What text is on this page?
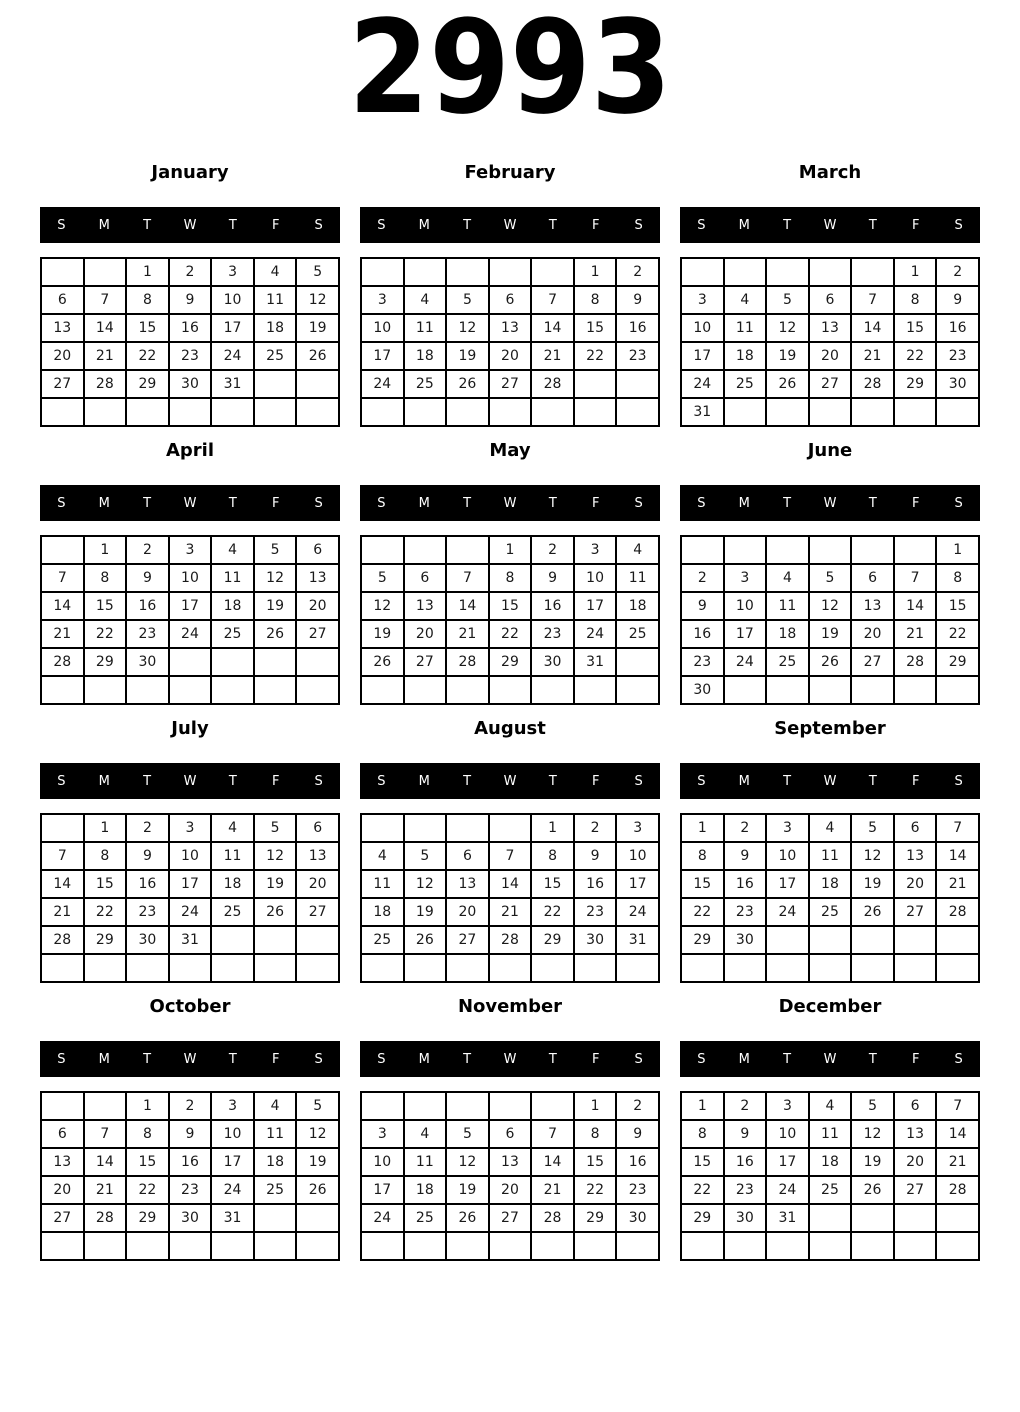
2993
January
S	M	T	W	T	F	S
		1	2	3	4	5
6	7	8	9	10	11	12
13	14	15	16	17	18	19
20	21	22	23	24	25	26
27	28	29	30	31		

February
S	M	T	W	T	F	S
					1	2
3	4	5	6	7	8	9
10	11	12	13	14	15	16
17	18	19	20	21	22	23
24	25	26	27	28		

March
S	M	T	W	T	F	S
					1	2
3	4	5	6	7	8	9
10	11	12	13	14	15	16
17	18	19	20	21	22	23
24	25	26	27	28	29	30
31						
April
S	M	T	W	T	F	S
	1	2	3	4	5	6
7	8	9	10	11	12	13
14	15	16	17	18	19	20
21	22	23	24	25	26	27
28	29	30				

May
S	M	T	W	T	F	S
			1	2	3	4
5	6	7	8	9	10	11
12	13	14	15	16	17	18
19	20	21	22	23	24	25
26	27	28	29	30	31	

June
S	M	T	W	T	F	S
						1
2	3	4	5	6	7	8
9	10	11	12	13	14	15
16	17	18	19	20	21	22
23	24	25	26	27	28	29
30						
July
S	M	T	W	T	F	S
	1	2	3	4	5	6
7	8	9	10	11	12	13
14	15	16	17	18	19	20
21	22	23	24	25	26	27
28	29	30	31			

August
S	M	T	W	T	F	S
				1	2	3
4	5	6	7	8	9	10
11	12	13	14	15	16	17
18	19	20	21	22	23	24
25	26	27	28	29	30	31

September
S	M	T	W	T	F	S
1	2	3	4	5	6	7
8	9	10	11	12	13	14
15	16	17	18	19	20	21
22	23	24	25	26	27	28
29	30					

October
S	M	T	W	T	F	S
		1	2	3	4	5
6	7	8	9	10	11	12
13	14	15	16	17	18	19
20	21	22	23	24	25	26
27	28	29	30	31		

November
S	M	T	W	T	F	S
					1	2
3	4	5	6	7	8	9
10	11	12	13	14	15	16
17	18	19	20	21	22	23
24	25	26	27	28	29	30

December
S	M	T	W	T	F	S
1	2	3	4	5	6	7
8	9	10	11	12	13	14
15	16	17	18	19	20	21
22	23	24	25	26	27	28
29	30	31				
